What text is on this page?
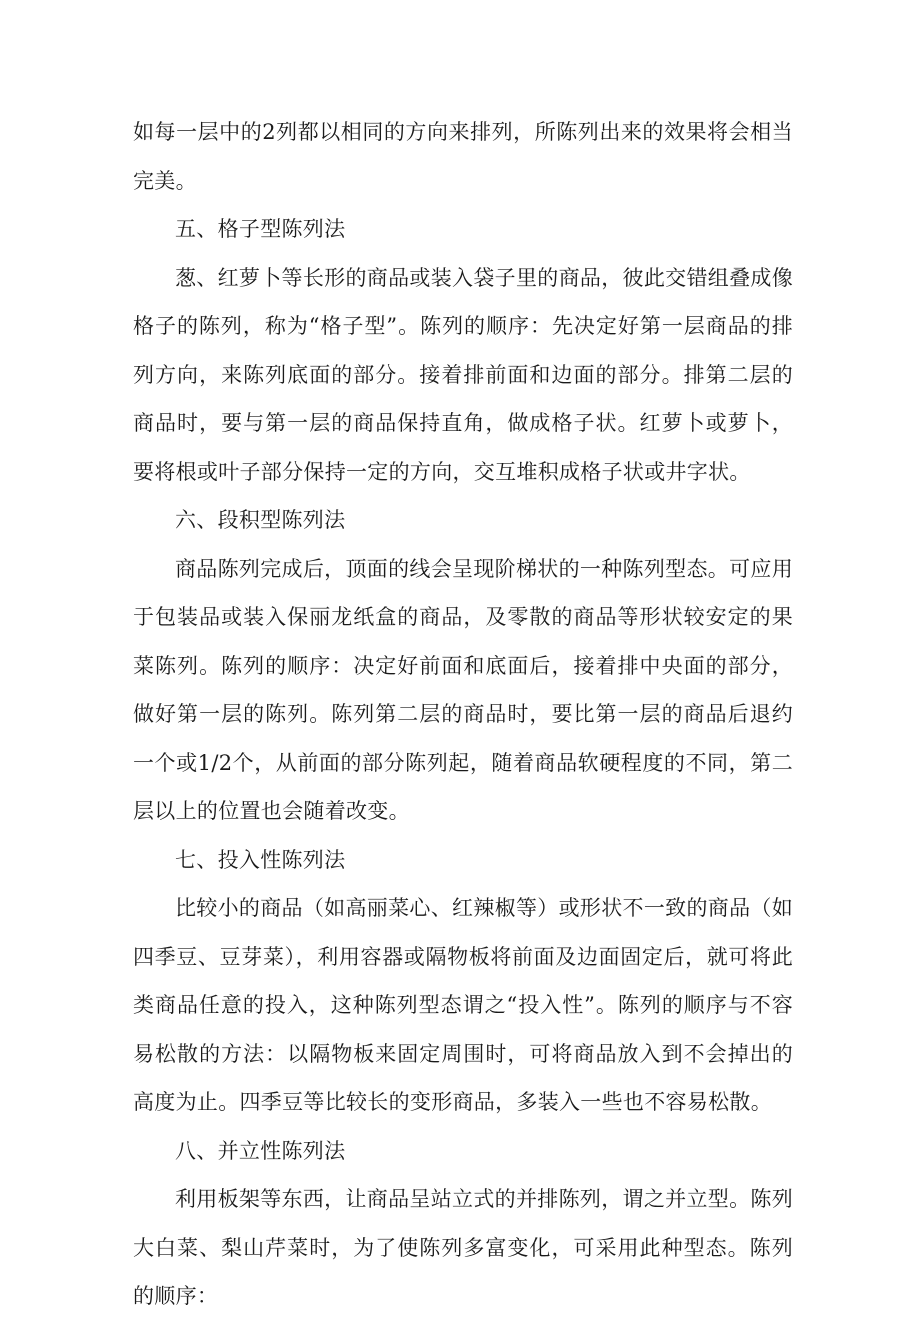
如每一层中的2列都以相同的方向来排列，所陈列出来的效果将会相当完美。

五、格子型陈列法

葱、红萝卜等长形的商品或装入袋子里的商品，彼此交错组叠成像格子的陈列，称为“格子型”。陈列的顺序：先决定好第一层商品的排列方向，来陈列底面的部分。接着排前面和边面的部分。排第二层的商品时，要与第一层的商品保持直角，做成格子状。红萝卜或萝卜，要将根或叶子部分保持一定的方向，交互堆积成格子状或井字状。

六、段积型陈列法

商品陈列完成后，顶面的线会呈现阶梯状的一种陈列型态。可应用于包装品或装入保丽龙纸盒的商品，及零散的商品等形状较安定的果菜陈列。陈列的顺序：决定好前面和底面后，接着排中央面的部分，做好第一层的陈列。陈列第二层的商品时，要比第一层的商品后退约一个或1/2个，从前面的部分陈列起，随着商品软硬程度的不同，第二层以上的位置也会随着改变。

七、投入性陈列法

比较小的商品（如高丽菜心、红辣椒等）或形状不一致的商品（如四季豆、豆芽菜），利用容器或隔物板将前面及边面固定后，就可将此类商品任意的投入，这种陈列型态谓之“投入性”。陈列的顺序与不容易松散的方法：以隔物板来固定周围时，可将商品放入到不会掉出的高度为止。四季豆等比较长的变形商品，多装入一些也不容易松散。

八、并立性陈列法

利用板架等东西，让商品呈站立式的并排陈列，谓之并立型。陈列大白菜、梨山芹菜时，为了使陈列多富变化，可采用此种型态。陈列的顺序：
